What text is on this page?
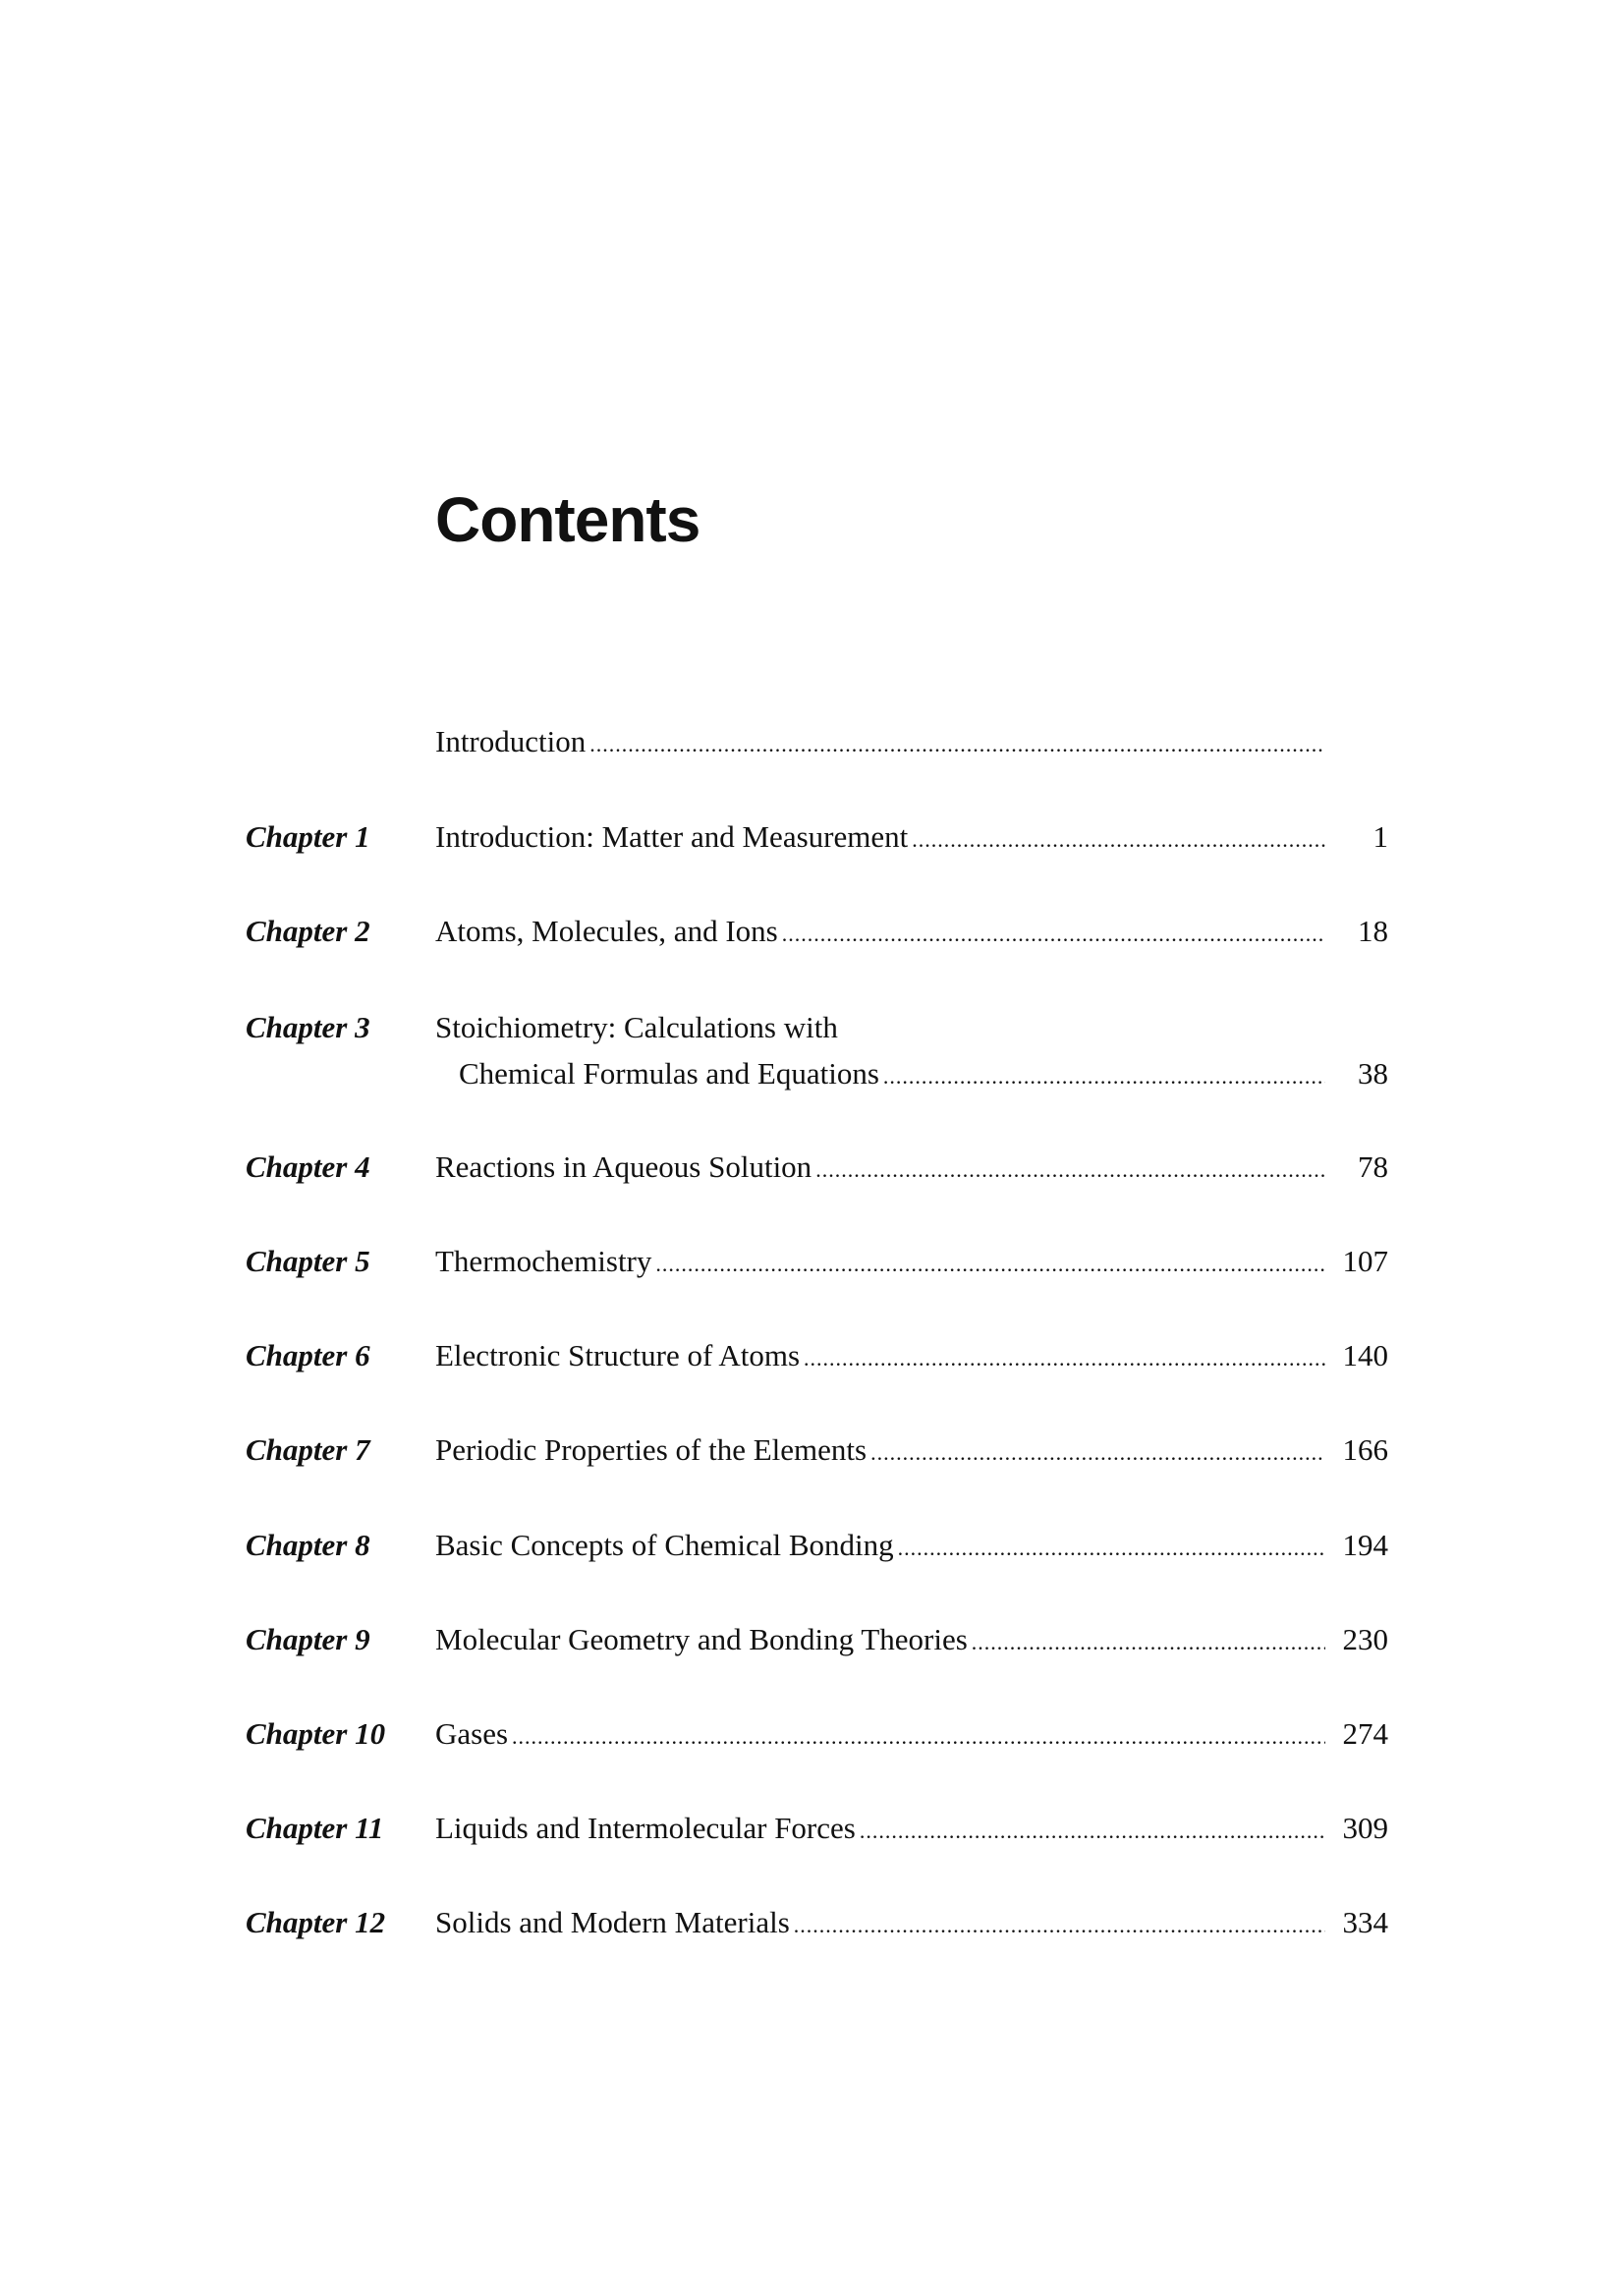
Contents
Introduction
.....
Chapter 1 Introduction: Matter and Measurement .....	1
Chapter 2 Atoms, Molecules, and Ions .....	18
Chapter 3 Stoichiometry: Calculations with
Chemical Formulas and Equations .....	38
Chapter 4 Reactions in Aqueous Solution .....	78
Chapter 5 Thermochemistry .....	107
Chapter 6 Electronic Structure of Atoms .....	140
Chapter 7 Periodic Properties of the Elements .....	166
Chapter 8 Basic Concepts of Chemical Bonding .....	194
Chapter 9 Molecular Geometry and Bonding Theories .....	230
Chapter 10 Gases .....	274
Chapter 11 Liquids and Intermolecular Forces .....	309
Chapter 12 Solids and Modern Materials .....	334
